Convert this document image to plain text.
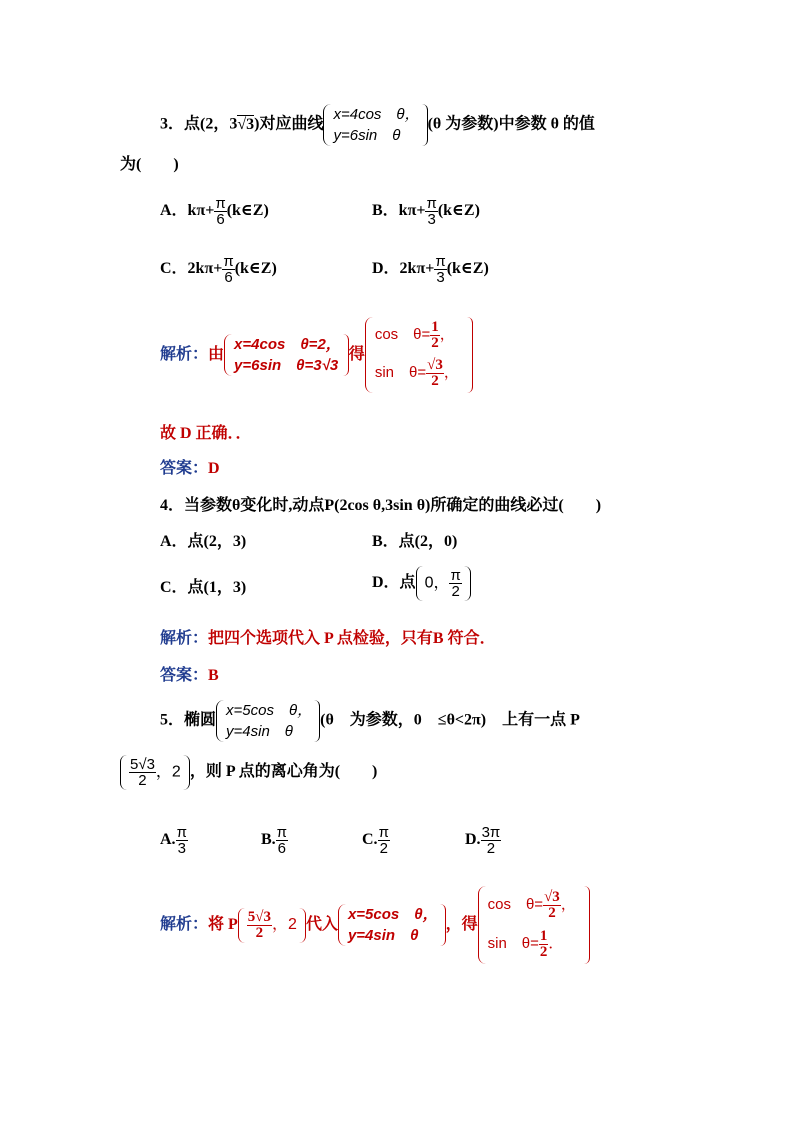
3．点(2，3√3)对应曲线
x=4cos　θ，
y=6sin　θ
(θ 为参数)中参数 θ 的值
为(　　)
A．$k\pi+ \frac{\pi}{6}$ (k∈Z)	B．$k\pi+ \frac{\pi}{3}$ (k∈Z)
C．$2k\pi+ \frac{\pi}{6}$ (k∈Z)	D．$2k\pi+ \frac{\pi}{3}$ (k∈Z)
解析：由
x=4cos　θ=2，
y=6sin　θ=3√3
得
cos　$\theta= \frac{1}{2}$ ，
sin　$\theta= \frac{√3}{2}$ ，
故 D 正确．．
答案：D
4．当参数θ变化时,动点P(2cos θ,3sin θ)所确定的曲线必过(　　)
A．点(2，3)	B．点(2，0)
C．点(1，3)	D．点 0， $\frac{\pi}{2}$
解析：把四个选项代入 P 点检验，只有B 符合．
答案：B
5．椭圆
x=5cos　θ，
y=4sin　θ
(θ　为参数，0　≤θ<2π)　上有一点 P
$\frac{5√3}{2}$ ，2 ，则 P 点的离心角为(　　)
A. $\frac{\pi}{3}$	B. $\frac{\pi}{6}$	C. $\frac{\pi}{2}$	D. $\frac{3\pi}{2}$
解析：将 P $\frac{5√3}{2}$ ，2 代入
x=5cos　θ，
y=4sin　θ
，得
cos　$\theta= \frac{√3}{2}$ ，
sin　$\theta= \frac{1}{2}$ ．
